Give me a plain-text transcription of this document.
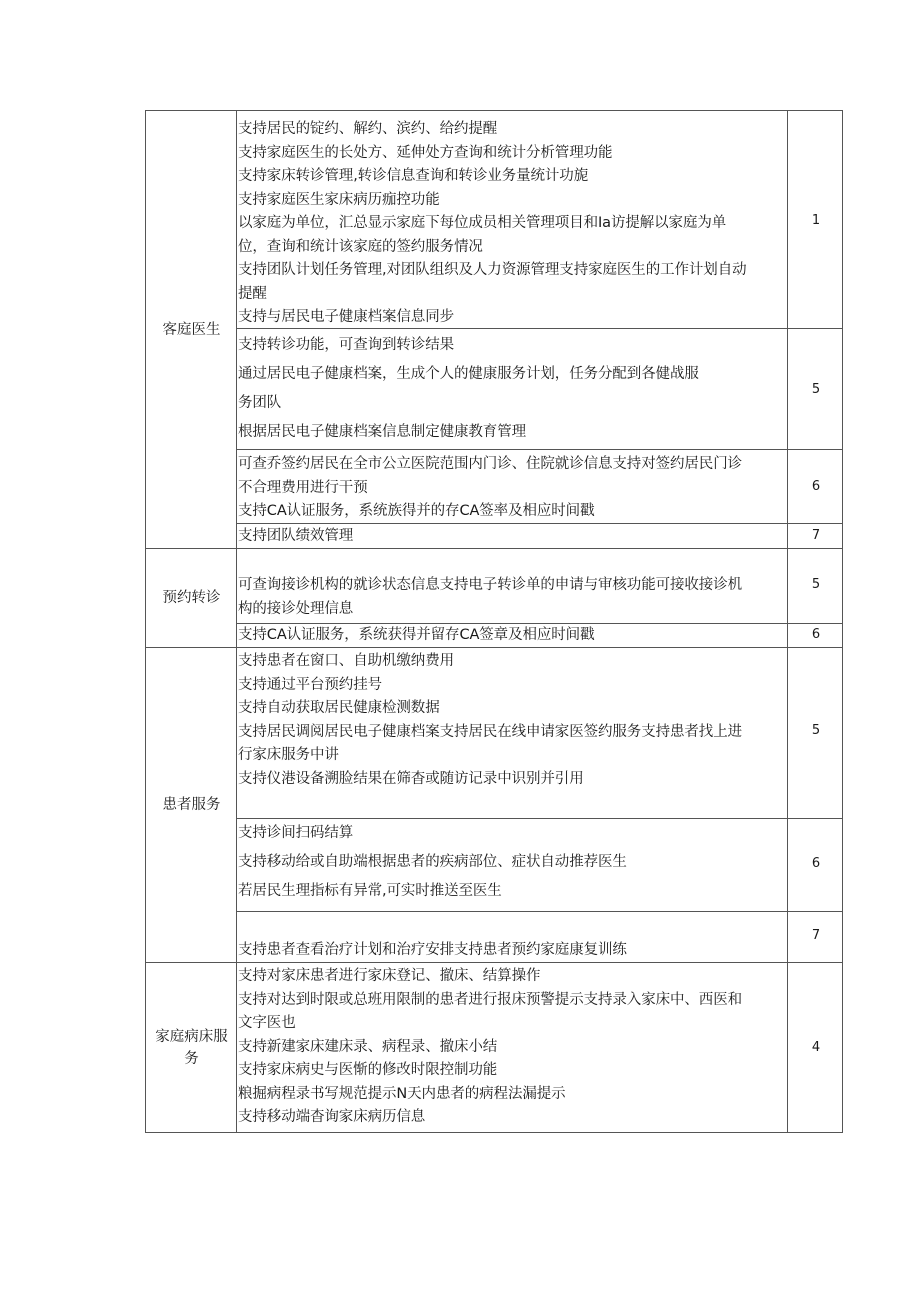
客庭医生
支持居民的锭约、解约、滨约、给约提醒
支持家庭医生的长处方、延伸处方查询和统计分析管理功能
支持家床转诊管理,转诊信息查询和转诊业务量统计功旎
支持家庭医生家床病历痂控功能
以家庭为单位，汇总显示家庭下每位成员相关管理项目和Ia访提解以家庭为单
位，查询和统计该家庭的签约服务情况
支持团队计划任务管理,对团队组织及人力资源管理支持家庭医生的工作计划自动
提醒
支持与居民电子健康档案信息同步
1
支持转诊功能，可查询到转诊结果
通过居民电子健康档案，生成个人的健康服务计划，任务分配到各健战服
务团队
根据居民电子健康档案信息制定健康教育管理
5
可查乔签约居民在全市公立医院范围内门诊、住院就诊信息支持对签约居民门诊
不合理费用进行干预
支持CA认证服务，系统族得并的存CA签率及相应时间戳
6
支持团队绩效管理	7
预约转诊
可查询接诊机构的就诊状态信息支持电子转诊单的申请与审核功能可接收接诊机
构的接诊处理信息
5
支持CA认证服务，系统获得并留存CA签章及相应时间戳	6
患者服务
支持患者在窗口、自助机缴纳费用
支持通过平台预约挂号
支持自动获取居民健康检测数据
支持居民调阅居民电子健康档案支持居民在线申请家医签约服务支持患者找上进
行家床服务中讲
支持仪港设备溯脸结果在筛杳或随访记录中识别并引用
5
支持诊间扫码结算
支持移动给或自助端根据患者的疾病部位、症状自动推荐医生
若居民生理指标有异常,可实时推送至医生
6
支持患者查看治疗计划和治疗安排支持患者预约家庭康复训练
7
家庭病床服
务
支持对家床患者进行家床登记、撤床、结算操作
支持对达到时限或总班用限制的患者进行报床预警提示支持录入家床中、西医和
文字医也
支持新建家床建床录、病程录、撤床小结
支持家床病史与医惭的修改时限控制功能
粮掘病程录书写规范提示N天内患者的病程法漏提示
支持移动端杳询家床病历信息
4
